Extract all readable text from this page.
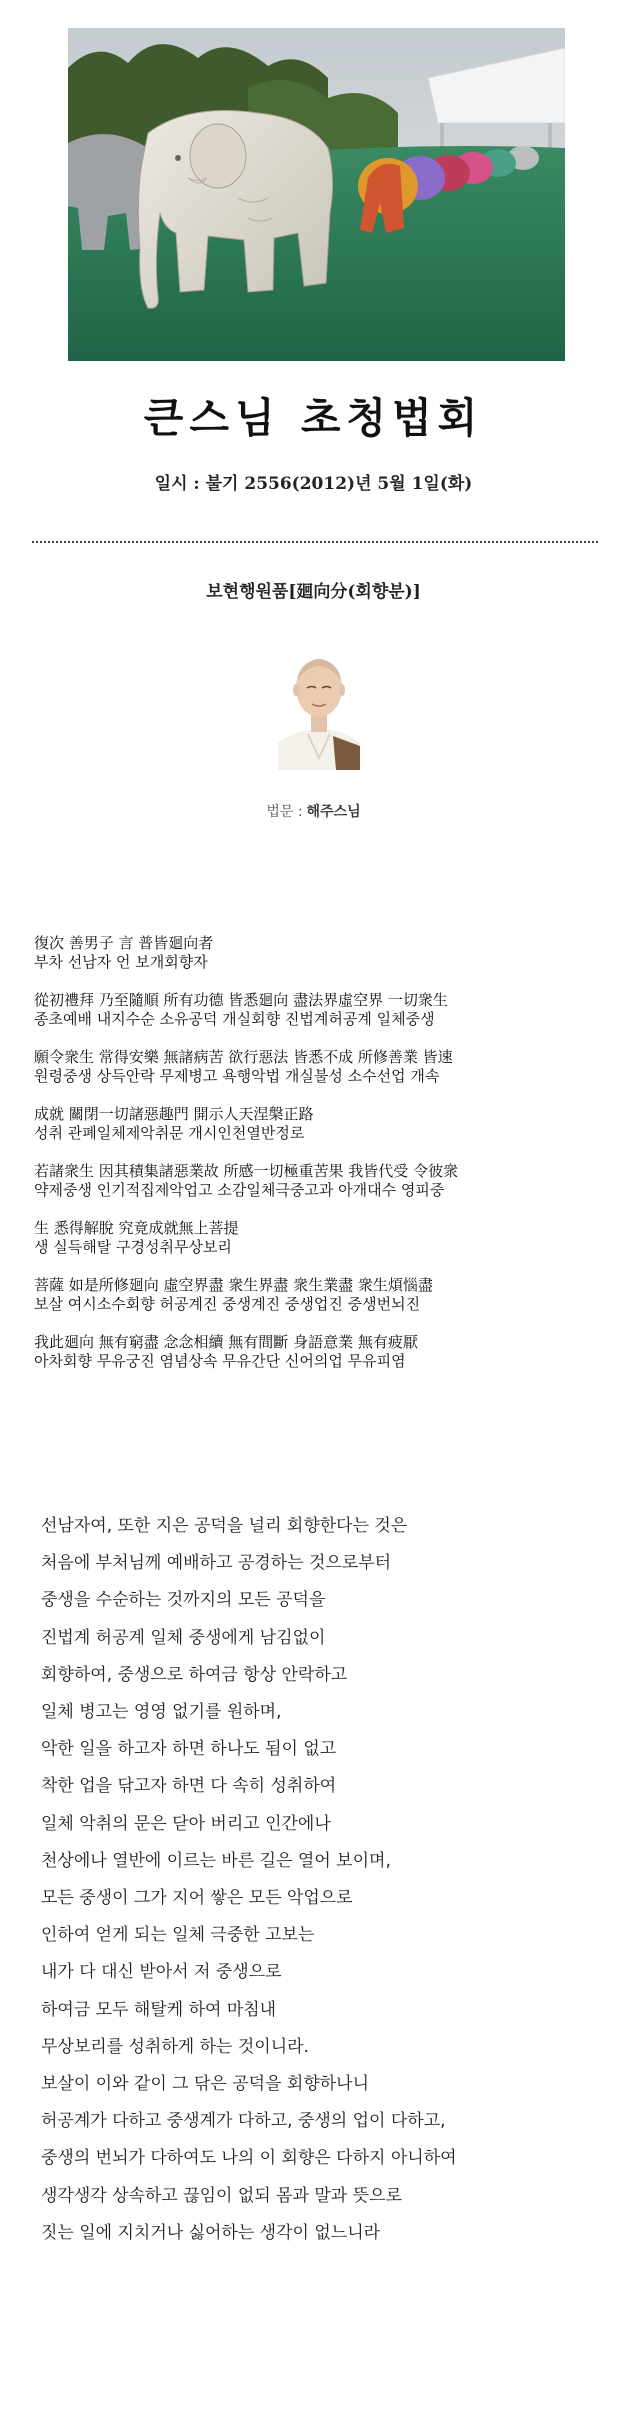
큰스님 초청법회
일시 : 불기 2556(2012)년 5월 1일(화)
보현행원품[廻向分(회향분)]
법문 : 해주스님
復次 善男子 言 普皆廻向者
부차 선남자 언 보개회향자
從初禮拜 乃至隨順 所有功德 皆悉廻向 盡法界虛空界 一切衆生
종초예배 내지수순 소유공덕 개실회향 진법계허공계 일체중생
願令衆生 常得安樂 無諸病苦 欲行惡法 皆悉不成 所修善業 皆速
원령중생 상득안락 무제병고 욕행악법 개실불성 소수선업 개속
成就 關閉一切諸惡趣門 開示人天涅槃正路
성취 관폐일체제악취문 개시인천열반정로
若諸衆生 因其積集諸惡業故 所感一切極重苦果 我皆代受 令彼衆
약제중생 인기적집제악업고 소감일체극중고과 아개대수 영피중
生 悉得解脫 究竟成就無上菩提
생 실득해탈 구경성취무상보리
菩薩 如是所修廻向 虛空界盡 衆生界盡 衆生業盡 衆生煩惱盡
보살 여시소수회향 허공계진 중생계진 중생업진 중생번뇌진
我此廻向 無有窮盡 念念相續 無有間斷 身語意業 無有疲厭
아차회향 무유궁진 염념상속 무유간단 신어의업 무유피염
선남자여, 또한 지은 공덕을 널리 회향한다는 것은
처음에 부처님께 예배하고 공경하는 것으로부터
중생을 수순하는 것까지의 모든 공덕을
진법계 허공계 일체 중생에게 남김없이
회향하여, 중생으로 하여금 항상 안락하고
일체 병고는 영영 없기를 원하며,
악한 일을 하고자 하면 하나도 됨이 없고
착한 업을 닦고자 하면 다 속히 성취하여
일체 악취의 문은 닫아 버리고 인간에나
천상에나 열반에 이르는 바른 길은 열어 보이며,
모든 중생이 그가 지어 쌓은 모든 악업으로
인하여 얻게 되는 일체 극중한 고보는
내가 다 대신 받아서 저 중생으로
하여금 모두 해탈케 하여 마침내
무상보리를 성취하게 하는 것이니라.
보살이 이와 같이 그 닦은 공덕을 회향하나니
허공계가 다하고 중생계가 다하고, 중생의 업이 다하고,
중생의 번뇌가 다하여도 나의 이 회향은 다하지 아니하여
생각생각 상속하고 끊임이 없되 몸과 말과 뜻으로
짓는 일에 지치거나 싫어하는 생각이 없느니라
